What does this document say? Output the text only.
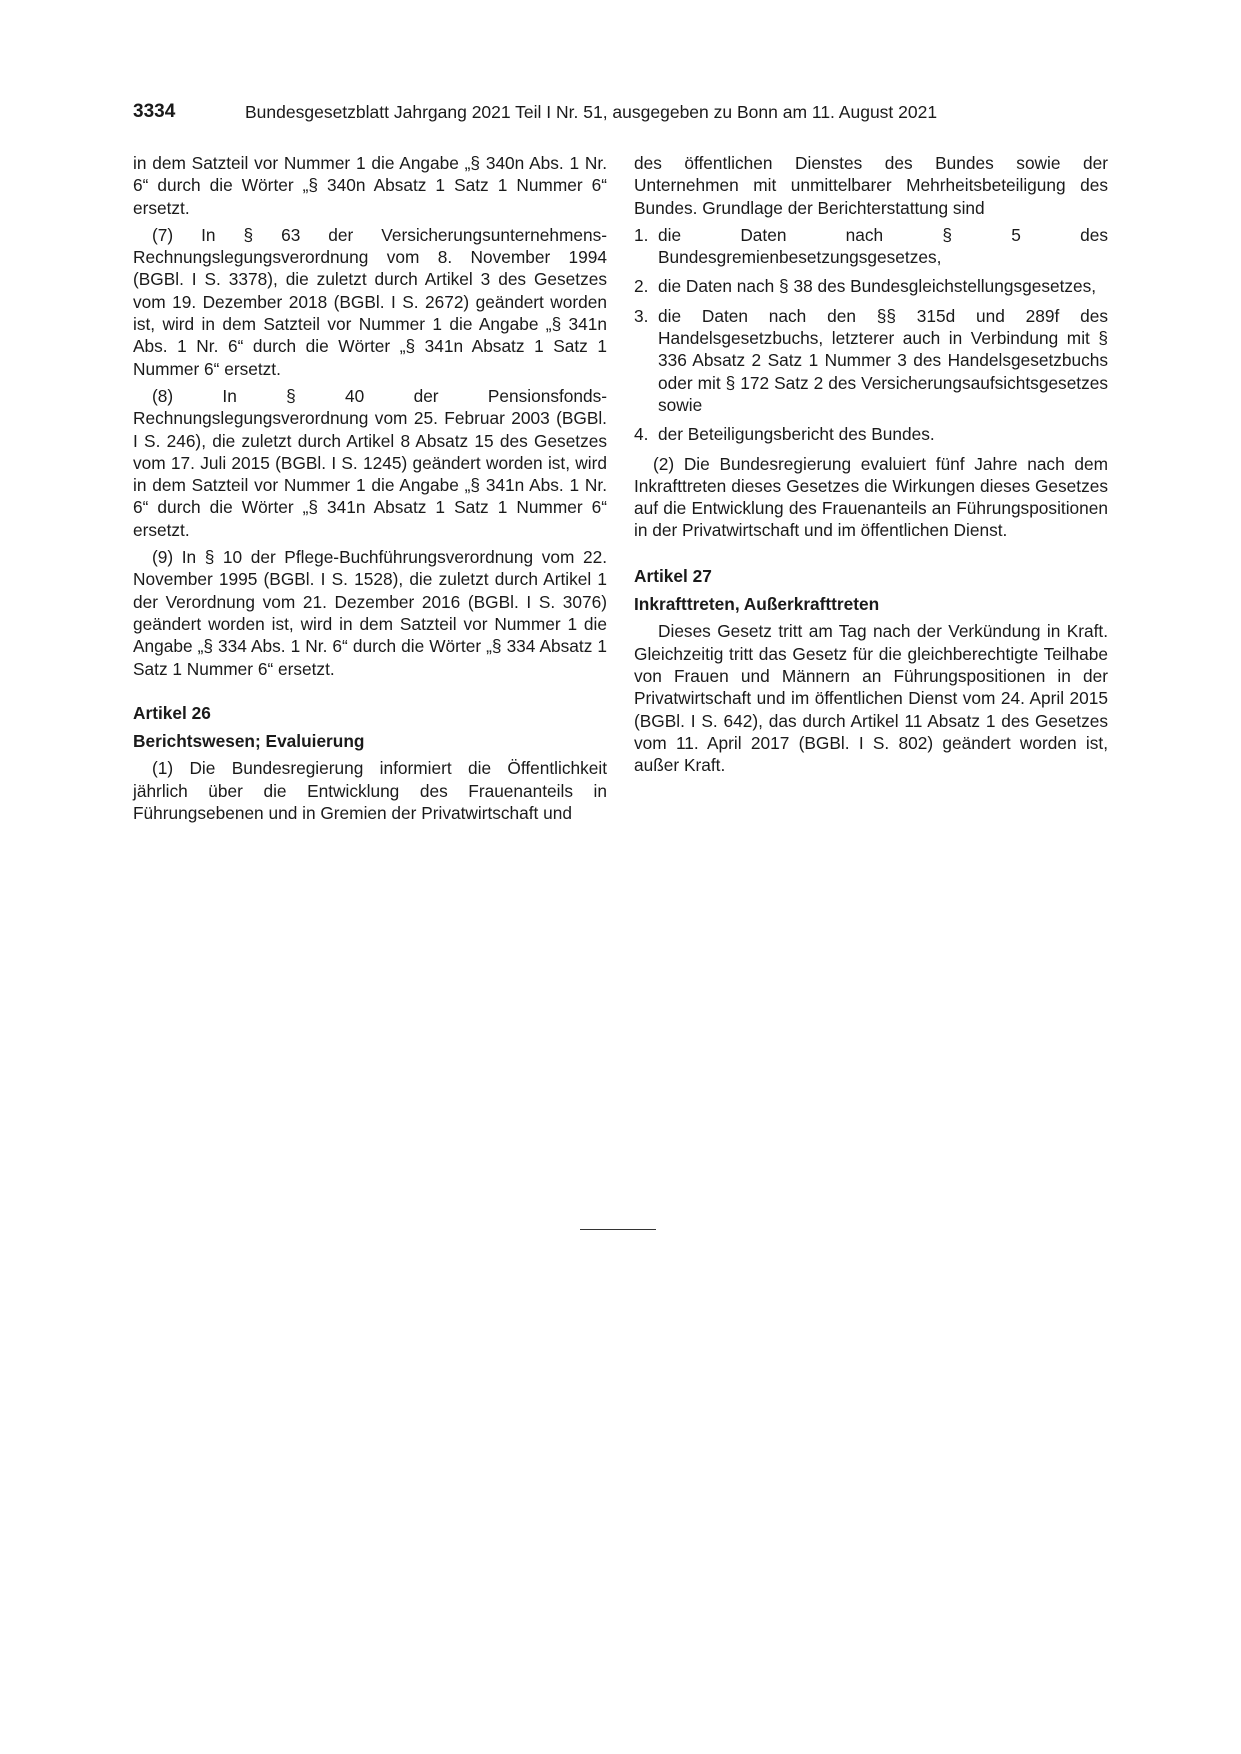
3334	Bundesgesetzblatt Jahrgang 2021 Teil I Nr. 51, ausgegeben zu Bonn am 11. August 2021

in dem Satzteil vor Nummer 1 die Angabe „§ 340n Abs. 1 Nr. 6“ durch die Wörter „§ 340n Absatz 1 Satz 1 Nummer 6“ ersetzt.

(7) In § 63 der Versicherungsunternehmens-Rechnungslegungsverordnung vom 8. November 1994 (BGBl. I S. 3378), die zuletzt durch Artikel 3 des Gesetzes vom 19. Dezember 2018 (BGBl. I S. 2672) geändert worden ist, wird in dem Satzteil vor Nummer 1 die Angabe „§ 341n Abs. 1 Nr. 6“ durch die Wörter „§ 341n Absatz 1 Satz 1 Nummer 6“ ersetzt.

(8) In § 40 der Pensionsfonds-Rechnungslegungsverordnung vom 25. Februar 2003 (BGBl. I S. 246), die zuletzt durch Artikel 8 Absatz 15 des Gesetzes vom 17. Juli 2015 (BGBl. I S. 1245) geändert worden ist, wird in dem Satzteil vor Nummer 1 die Angabe „§ 341n Abs. 1 Nr. 6“ durch die Wörter „§ 341n Absatz 1 Satz 1 Nummer 6“ ersetzt.

(9) In § 10 der Pflege-Buchführungsverordnung vom 22. November 1995 (BGBl. I S. 1528), die zuletzt durch Artikel 1 der Verordnung vom 21. Dezember 2016 (BGBl. I S. 3076) geändert worden ist, wird in dem Satzteil vor Nummer 1 die Angabe „§ 334 Abs. 1 Nr. 6“ durch die Wörter „§ 334 Absatz 1 Satz 1 Nummer 6“ ersetzt.

Artikel 26

Berichtswesen; Evaluierung

(1) Die Bundesregierung informiert die Öffentlichkeit jährlich über die Entwicklung des Frauenanteils in Führungsebenen und in Gremien der Privatwirtschaft und

des öffentlichen Dienstes des Bundes sowie der Unternehmen mit unmittelbarer Mehrheitsbeteiligung des Bundes. Grundlage der Berichterstattung sind

1. die Daten nach § 5 des Bundesgremienbesetzungsgesetzes,
2. die Daten nach § 38 des Bundesgleichstellungsgesetzes,
3. die Daten nach den §§ 315d und 289f des Handelsgesetzbuchs, letzterer auch in Verbindung mit § 336 Absatz 2 Satz 1 Nummer 3 des Handelsgesetzbuchs oder mit § 172 Satz 2 des Versicherungsaufsichtsgesetzes sowie
4. der Beteiligungsbericht des Bundes.

(2) Die Bundesregierung evaluiert fünf Jahre nach dem Inkrafttreten dieses Gesetzes die Wirkungen dieses Gesetzes auf die Entwicklung des Frauenanteils an Führungspositionen in der Privatwirtschaft und im öffentlichen Dienst.

Artikel 27

Inkrafttreten, Außerkrafttreten

Dieses Gesetz tritt am Tag nach der Verkündung in Kraft. Gleichzeitig tritt das Gesetz für die gleichberechtigte Teilhabe von Frauen und Männern an Führungspositionen in der Privatwirtschaft und im öffentlichen Dienst vom 24. April 2015 (BGBl. I S. 642), das durch Artikel 11 Absatz 1 des Gesetzes vom 11. April 2017 (BGBl. I S. 802) geändert worden ist, außer Kraft.
